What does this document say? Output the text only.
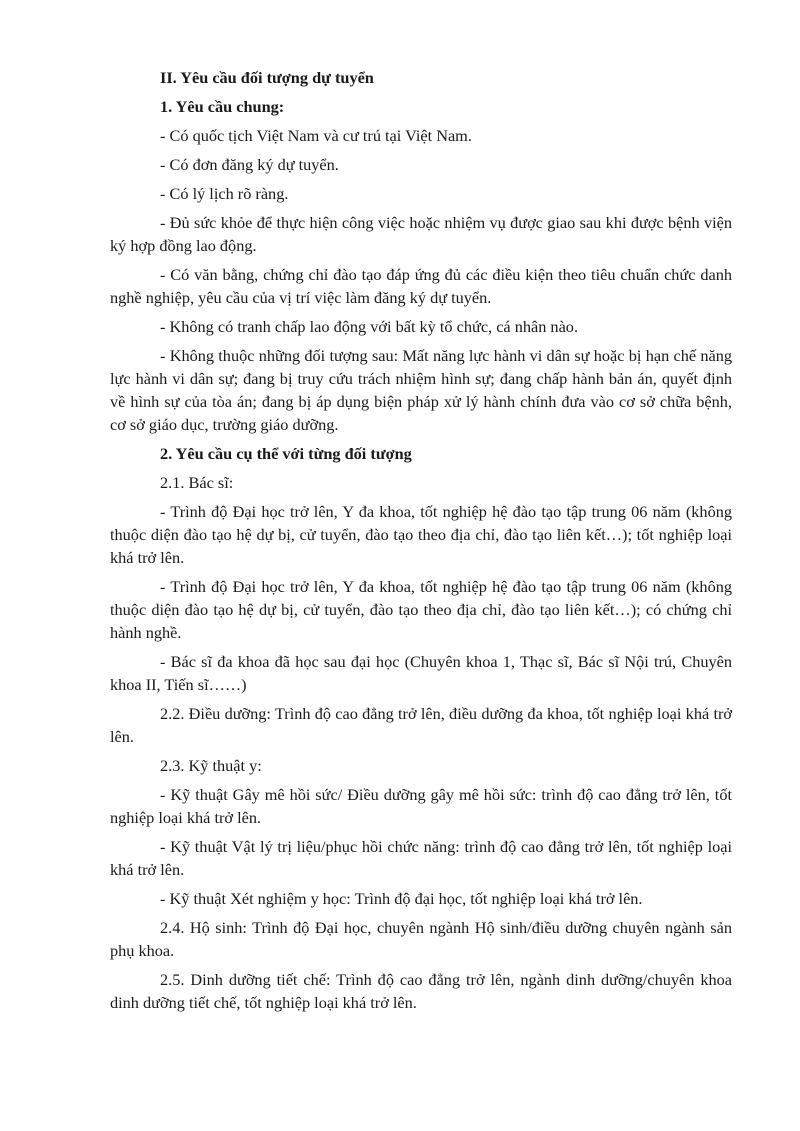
II. Yêu cầu đối tượng dự tuyển

1. Yêu cầu chung:

- Có quốc tịch Việt Nam và cư trú tại Việt Nam.

- Có đơn đăng ký dự tuyển.

- Có lý lịch rõ ràng.

- Đủ sức khỏe để thực hiện công việc hoặc nhiệm vụ được giao sau khi được bệnh viện ký hợp đồng lao động.

- Có văn bằng, chứng chỉ đào tạo đáp ứng đủ các điều kiện theo tiêu chuẩn chức danh nghề nghiệp, yêu cầu của vị trí việc làm đăng ký dự tuyển.

- Không có tranh chấp lao động với bất kỳ tổ chức, cá nhân nào.

- Không thuộc những đối tượng sau: Mất năng lực hành vi dân sự hoặc bị hạn chế năng lực hành vi dân sự; đang bị truy cứu trách nhiệm hình sự; đang chấp hành bản án, quyết định về hình sự của tòa án; đang bị áp dụng biện pháp xử lý hành chính đưa vào cơ sở chữa bệnh, cơ sở giáo dục, trường giáo dưỡng.

2. Yêu cầu cụ thể với từng đối tượng

2.1. Bác sĩ:

- Trình độ Đại học trở lên, Y đa khoa, tốt nghiệp hệ đào tạo tập trung 06 năm (không thuộc diện đào tạo hệ dự bị, cử tuyển, đào tạo theo địa chỉ, đào tạo liên kết…); tốt nghiệp loại khá trở lên.

- Trình độ Đại học trở lên, Y đa khoa, tốt nghiệp hệ đào tạo tập trung 06 năm (không thuộc diện đào tạo hệ dự bị, cử tuyển, đào tạo theo địa chỉ, đào tạo liên kết…); có chứng chỉ hành nghề.

- Bác sĩ đa khoa đã học sau đại học (Chuyên khoa 1, Thạc sĩ, Bác sĩ Nội trú, Chuyên khoa II, Tiến sĩ……)

2.2. Điều dưỡng: Trình độ cao đẳng trở lên, điều dưỡng đa khoa, tốt nghiệp loại khá trở lên.

2.3. Kỹ thuật y:

- Kỹ thuật Gây mê hồi sức/ Điều dưỡng gây mê hồi sức: trình độ cao đẳng trở lên, tốt nghiệp loại khá trở lên.

- Kỹ thuật Vật lý trị liệu/phục hồi chức năng: trình độ cao đẳng trở lên, tốt nghiệp loại khá trở lên.

- Kỹ thuật Xét nghiệm y học: Trình độ đại học, tốt nghiệp loại khá trở lên.

2.4. Hộ sinh: Trình độ Đại học, chuyên ngành Hộ sinh/điều dưỡng chuyên ngành sản phụ khoa.

2.5. Dinh dưỡng tiết chế: Trình độ cao đẳng trở lên, ngành dinh dưỡng/chuyên khoa dinh dưỡng tiết chế, tốt nghiệp loại khá trở lên.
